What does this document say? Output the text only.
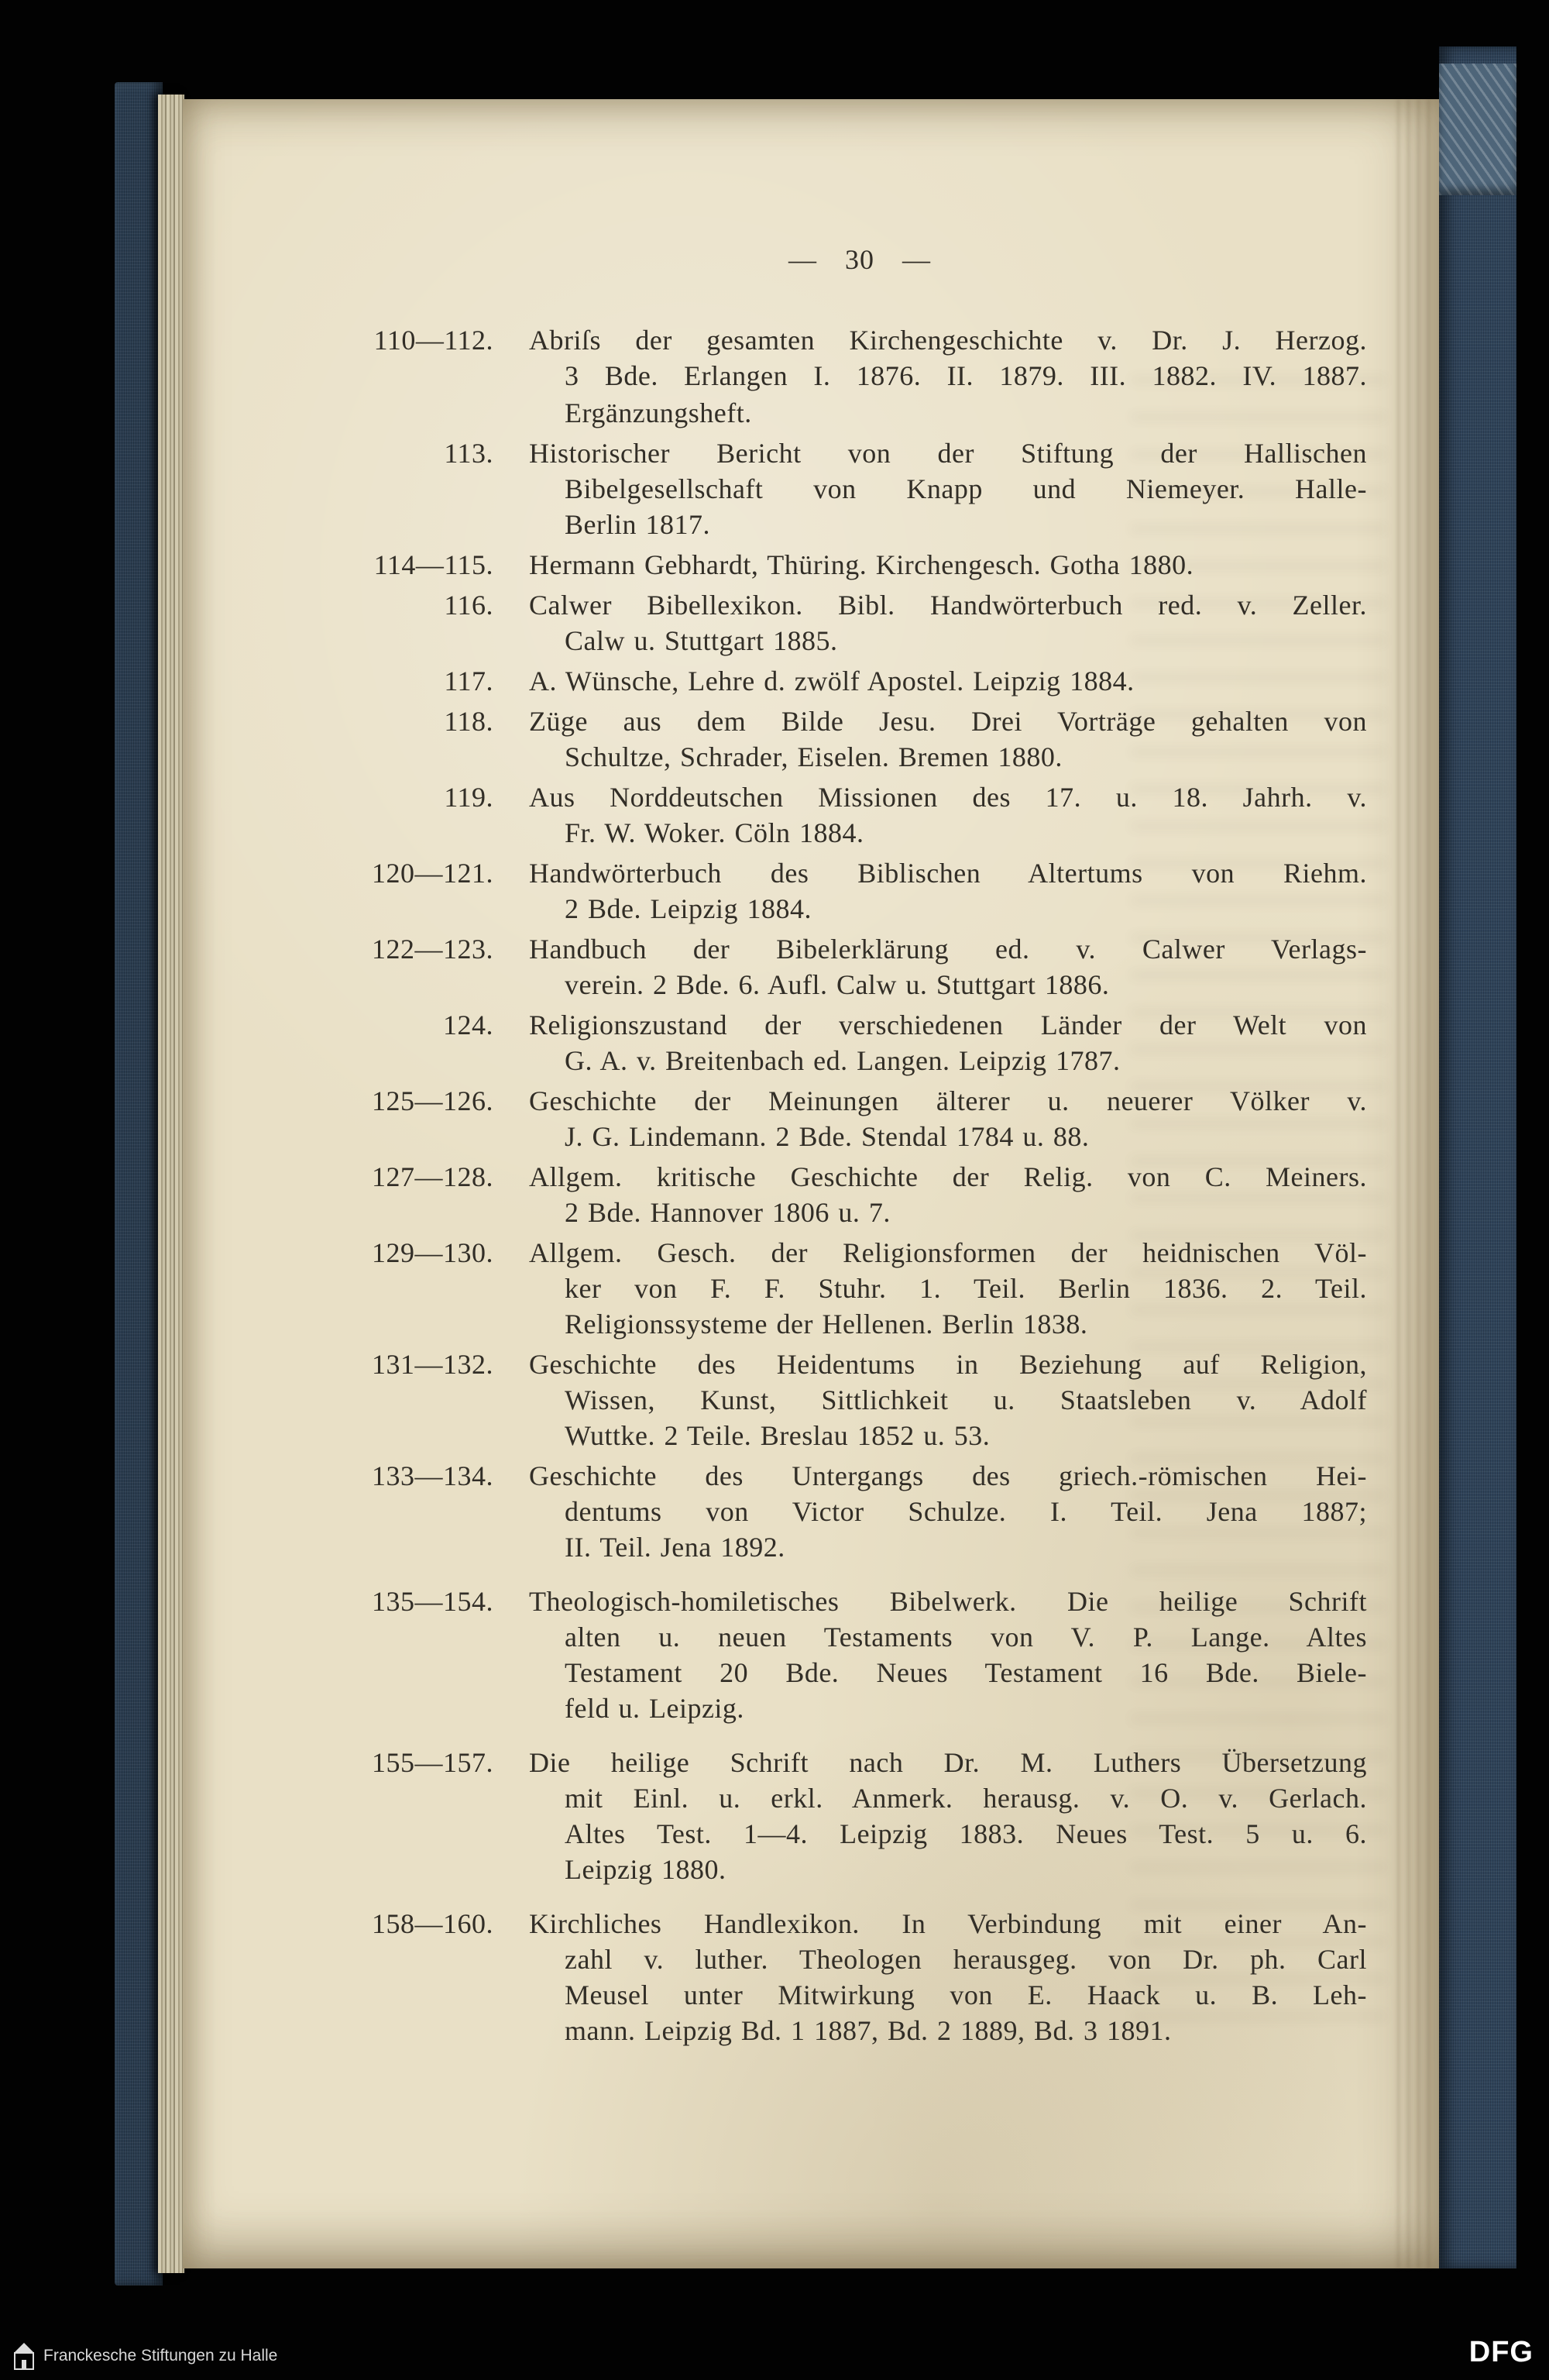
— 30 —
110—112. Abriſs der gesamten Kirchengeschichte v. Dr. J. Herzog.
3 Bde. Erlangen I. 1876. II. 1879. III. 1882. IV. 1887.
Ergänzungsheft.
113. Historischer Bericht von der Stiftung der Hallischen
Bibelgesellschaft von Knapp und Niemeyer. Halle-
Berlin 1817.
114—115. Hermann Gebhardt, Thüring. Kirchengesch. Gotha 1880.
116. Calwer Bibellexikon. Bibl. Handwörterbuch red. v. Zeller.
Calw u. Stuttgart 1885.
117. A. Wünsche, Lehre d. zwölf Apostel. Leipzig 1884.
118. Züge aus dem Bilde Jesu. Drei Vorträge gehalten von
Schultze, Schrader, Eiselen. Bremen 1880.
119. Aus Norddeutschen Missionen des 17. u. 18. Jahrh. v.
Fr. W. Woker. Cöln 1884.
120—121. Handwörterbuch des Biblischen Altertums von Riehm.
2 Bde. Leipzig 1884.
122—123. Handbuch der Bibelerklärung ed. v. Calwer Verlags-
verein. 2 Bde. 6. Aufl. Calw u. Stuttgart 1886.
124. Religionszustand der verschiedenen Länder der Welt von
G. A. v. Breitenbach ed. Langen. Leipzig 1787.
125—126. Geschichte der Meinungen älterer u. neuerer Völker v.
J. G. Lindemann. 2 Bde. Stendal 1784 u. 88.
127—128. Allgem. kritische Geschichte der Relig. von C. Meiners.
2 Bde. Hannover 1806 u. 7.
129—130. Allgem. Gesch. der Religionsformen der heidnischen Völ-
ker von F. F. Stuhr. 1. Teil. Berlin 1836. 2. Teil.
Religionssysteme der Hellenen. Berlin 1838.
131—132. Geschichte des Heidentums in Beziehung auf Religion,
Wissen, Kunst, Sittlichkeit u. Staatsleben v. Adolf
Wuttke. 2 Teile. Breslau 1852 u. 53.
133—134. Geschichte des Untergangs des griech.-römischen Hei-
dentums von Victor Schulze. I. Teil. Jena 1887;
II. Teil. Jena 1892.
135—154. Theologisch-homiletisches Bibelwerk. Die heilige Schrift
alten u. neuen Testaments von V. P. Lange. Altes
Testament 20 Bde. Neues Testament 16 Bde. Biele-
feld u. Leipzig.
155—157. Die heilige Schrift nach Dr. M. Luthers Übersetzung
mit Einl. u. erkl. Anmerk. herausg. v. O. v. Gerlach.
Altes Test. 1—4. Leipzig 1883. Neues Test. 5 u. 6.
Leipzig 1880.
158—160. Kirchliches Handlexikon. In Verbindung mit einer An-
zahl v. luther. Theologen herausgeg. von Dr. ph. Carl
Meusel unter Mitwirkung von E. Haack u. B. Leh-
mann. Leipzig Bd. 1 1887, Bd. 2 1889, Bd. 3 1891.
Franckesche Stiftungen zu Halle	DFG
